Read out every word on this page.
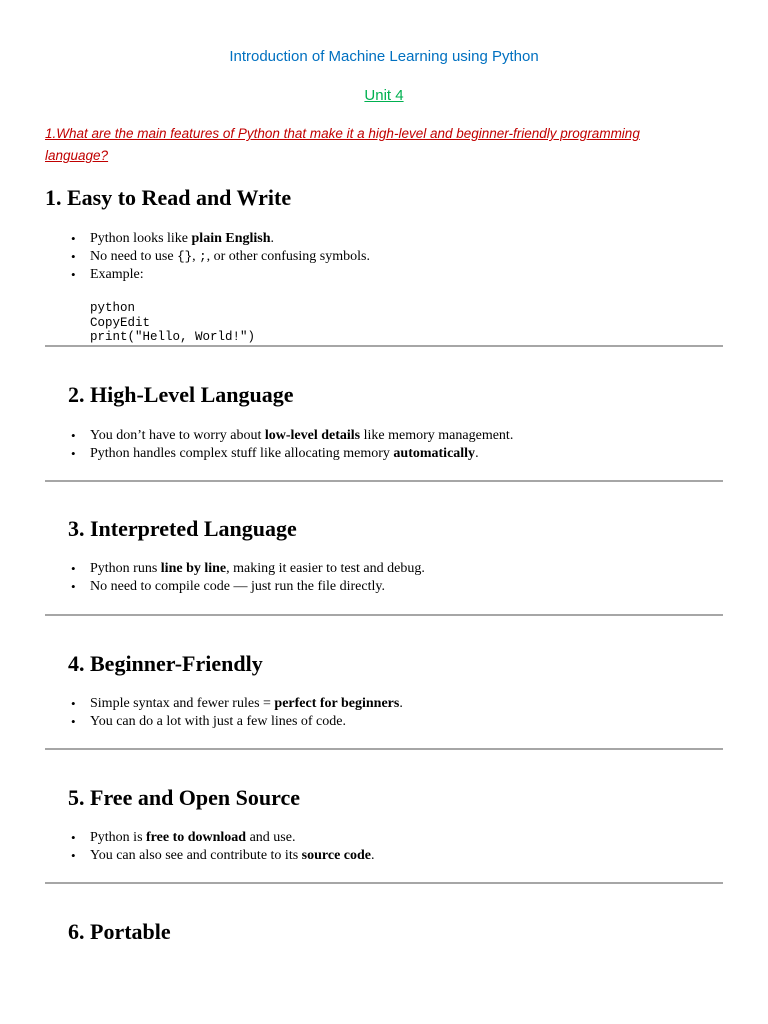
Introduction of Machine Learning using Python
Unit 4
1.What are the main features of Python that make it a high-level and beginner-friendly programming language?
1. Easy to Read and Write
• Python looks like plain English.
• No need to use {}, ;, or other confusing symbols.
• Example:
python
CopyEdit
print("Hello, World!")
2. High-Level Language
• You don’t have to worry about low-level details like memory management.
• Python handles complex stuff like allocating memory automatically.
3. Interpreted Language
• Python runs line by line, making it easier to test and debug.
• No need to compile code — just run the file directly.
4. Beginner-Friendly
• Simple syntax and fewer rules = perfect for beginners.
• You can do a lot with just a few lines of code.
5. Free and Open Source
• Python is free to download and use.
• You can also see and contribute to its source code.
6. Portable
